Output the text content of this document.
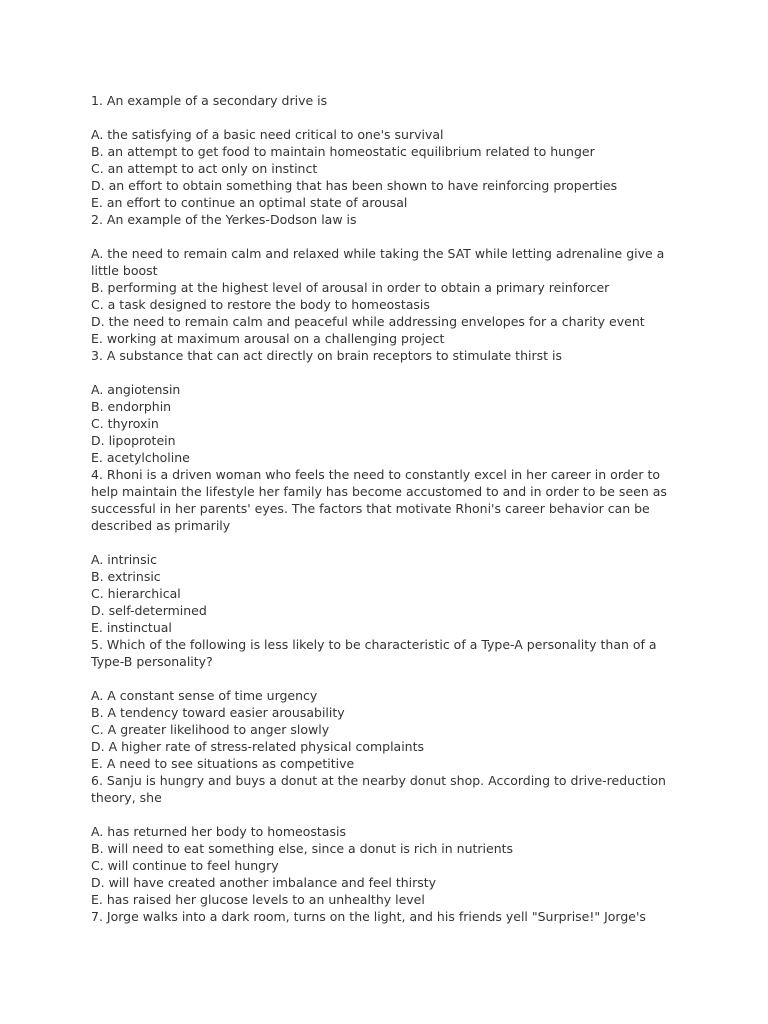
1. An example of a secondary drive is

A. the satisfying of a basic need critical to one's survival
B. an attempt to get food to maintain homeostatic equilibrium related to hunger
C. an attempt to act only on instinct
D. an effort to obtain something that has been shown to have reinforcing properties
E. an effort to continue an optimal state of arousal

2. An example of the Yerkes-Dodson law is

A. the need to remain calm and relaxed while taking the SAT while letting adrenaline give a little boost
B. performing at the highest level of arousal in order to obtain a primary reinforcer
C. a task designed to restore the body to homeostasis
D. the need to remain calm and peaceful while addressing envelopes for a charity event
E. working at maximum arousal on a challenging project

3. A substance that can act directly on brain receptors to stimulate thirst is

A. angiotensin
B. endorphin
C. thyroxin
D. lipoprotein
E. acetylcholine

4. Rhoni is a driven woman who feels the need to constantly excel in her career in order to help maintain the lifestyle her family has become accustomed to and in order to be seen as successful in her parents' eyes. The factors that motivate Rhoni's career behavior can be described as primarily

A. intrinsic
B. extrinsic
C. hierarchical
D. self-determined
E. instinctual

5. Which of the following is less likely to be characteristic of a Type-A personality than of a Type-B personality?

A. A constant sense of time urgency
B. A tendency toward easier arousability
C. A greater likelihood to anger slowly
D. A higher rate of stress-related physical complaints
E. A need to see situations as competitive

6. Sanju is hungry and buys a donut at the nearby donut shop. According to drive-reduction theory, she

A. has returned her body to homeostasis
B. will need to eat something else, since a donut is rich in nutrients
C. will continue to feel hungry
D. will have created another imbalance and feel thirsty
E. has raised her glucose levels to an unhealthy level

7. Jorge walks into a dark room, turns on the light, and his friends yell "Surprise!" Jorge's
